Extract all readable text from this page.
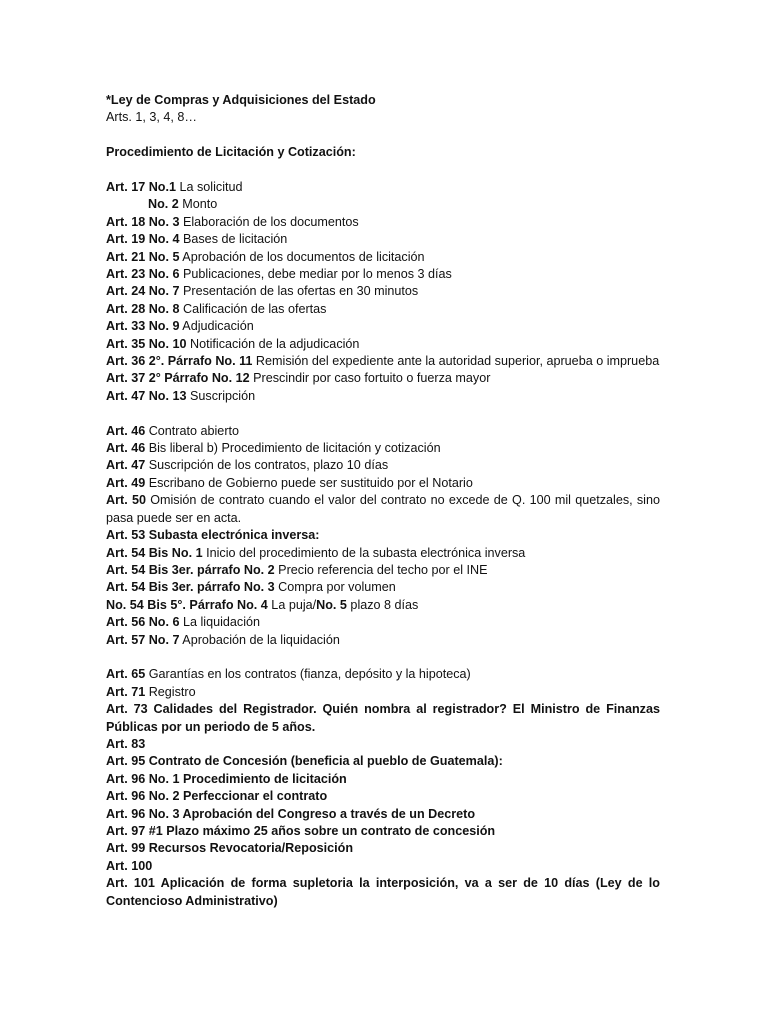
*Ley de Compras y Adquisiciones del Estado
Arts. 1, 3, 4, 8…
Procedimiento de Licitación y Cotización:
Art. 17 No.1 La solicitud
No. 2 Monto
Art. 18 No. 3 Elaboración de los documentos
Art. 19 No. 4 Bases de licitación
Art. 21 No. 5 Aprobación de los documentos de licitación
Art. 23 No. 6 Publicaciones, debe mediar por lo menos 3 días
Art. 24 No. 7 Presentación de las ofertas en 30 minutos
Art. 28 No. 8 Calificación de las ofertas
Art. 33 No. 9 Adjudicación
Art. 35 No. 10 Notificación de la adjudicación
Art. 36 2°. Párrafo No. 11 Remisión del expediente ante la autoridad superior, aprueba o imprueba
Art. 37 2° Párrafo No. 12 Prescindir por caso fortuito o fuerza mayor
Art. 47 No. 13 Suscripción
Art. 46 Contrato abierto
Art. 46 Bis liberal b) Procedimiento de licitación y cotización
Art. 47 Suscripción de los contratos, plazo 10 días
Art. 49 Escribano de Gobierno puede ser sustituido por el Notario
Art. 50 Omisión de contrato cuando el valor del contrato no excede de Q. 100 mil quetzales, sino pasa puede ser en acta.
Art. 53 Subasta electrónica inversa:
Art. 54 Bis No. 1 Inicio del procedimiento de la subasta electrónica inversa
Art. 54 Bis 3er. párrafo No. 2 Precio referencia del techo por el INE
Art. 54 Bis 3er. párrafo No. 3 Compra por volumen
No. 54 Bis 5°. Párrafo No. 4 La puja/No. 5 plazo 8 días
Art. 56 No. 6 La liquidación
Art. 57 No. 7 Aprobación de la liquidación
Art. 65 Garantías en los contratos (fianza, depósito y la hipoteca)
Art. 71 Registro
Art. 73 Calidades del Registrador. Quién nombra al registrador? El Ministro de Finanzas Públicas por un periodo de 5 años.
Art. 83
Art. 95 Contrato de Concesión (beneficia al pueblo de Guatemala):
Art. 96 No. 1 Procedimiento de licitación
Art. 96 No. 2 Perfeccionar el contrato
Art. 96 No. 3 Aprobación del Congreso a través de un Decreto
Art. 97 #1 Plazo máximo 25 años sobre un contrato de concesión
Art. 99 Recursos Revocatoria/Reposición
Art. 100
Art. 101 Aplicación de forma supletoria la interposición, va a ser de 10 días (Ley de lo Contencioso Administrativo)
